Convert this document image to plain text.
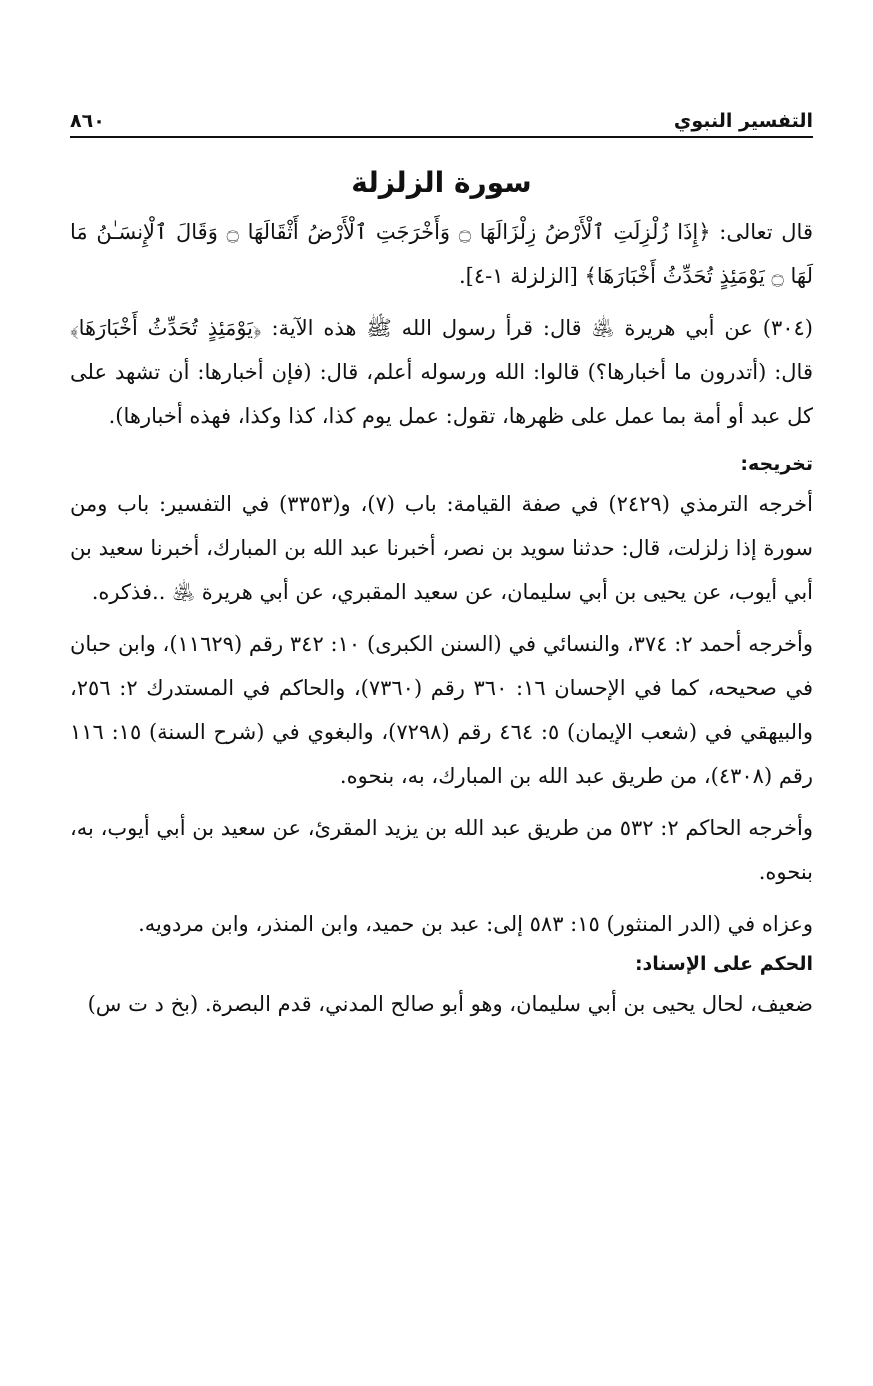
التفسير النبوي
٨٦٠
سورة الزلزلة

قال تعالى: ﴿إِذَا زُلْزِلَتِ ٱلْأَرْضُ زِلْزَالَهَا ۝ وَأَخْرَجَتِ ٱلْأَرْضُ أَثْقَالَهَا ۝ وَقَالَ ٱلْإِنسَـٰنُ مَا لَهَا ۝ يَوْمَئِذٍ تُحَدِّثُ أَخْبَارَهَا﴾ [الزلزلة ١-٤].

(٣٠٤) عن أبي هريرة ﵁ قال: قرأ رسول الله ﷺ هذه الآية: ﴿يَوْمَئِذٍ تُحَدِّثُ أَخْبَارَهَا﴾ قال: (أتدرون ما أخبارها؟) قالوا: الله ورسوله أعلم، قال: (فإن أخبارها: أن تشهد على كل عبد أو أمة بما عمل على ظهرها، تقول: عمل يوم كذا، كذا وكذا، فهذه أخبارها).

تخريجه:

أخرجه الترمذي (٢٤٢٩) في صفة القيامة: باب (٧)، و(٣٣٥٣) في التفسير: باب ومن سورة إذا زلزلت، قال: حدثنا سويد بن نصر، أخبرنا عبد الله بن المبارك، أخبرنا سعيد بن أبي أيوب، عن يحيى بن أبي سليمان، عن سعيد المقبري، عن أبي هريرة ﵁ ..فذكره.

وأخرجه أحمد ٢: ٣٧٤، والنسائي في (السنن الكبرى) ١٠: ٣٤٢ رقم (١١٦٢٩)، وابن حبان في صحيحه، كما في الإحسان ١٦: ٣٦٠ رقم (٧٣٦٠)، والحاكم في المستدرك ٢: ٢٥٦، والبيهقي في (شعب الإيمان) ٥: ٤٦٤ رقم (٧٢٩٨)، والبغوي في (شرح السنة) ١٥: ١١٦ رقم (٤٣٠٨)، من طريق عبد الله بن المبارك، به، بنحوه.

وأخرجه الحاكم ٢: ٥٣٢ من طريق عبد الله بن يزيد المقرئ، عن سعيد بن أبي أيوب، به، بنحوه.

وعزاه في (الدر المنثور) ١٥: ٥٨٣ إلى: عبد بن حميد، وابن المنذر، وابن مردويه.

الحكم على الإسناد:

ضعيف، لحال يحيى بن أبي سليمان، وهو أبو صالح المدني، قدم البصرة. (بخ د ت س)
